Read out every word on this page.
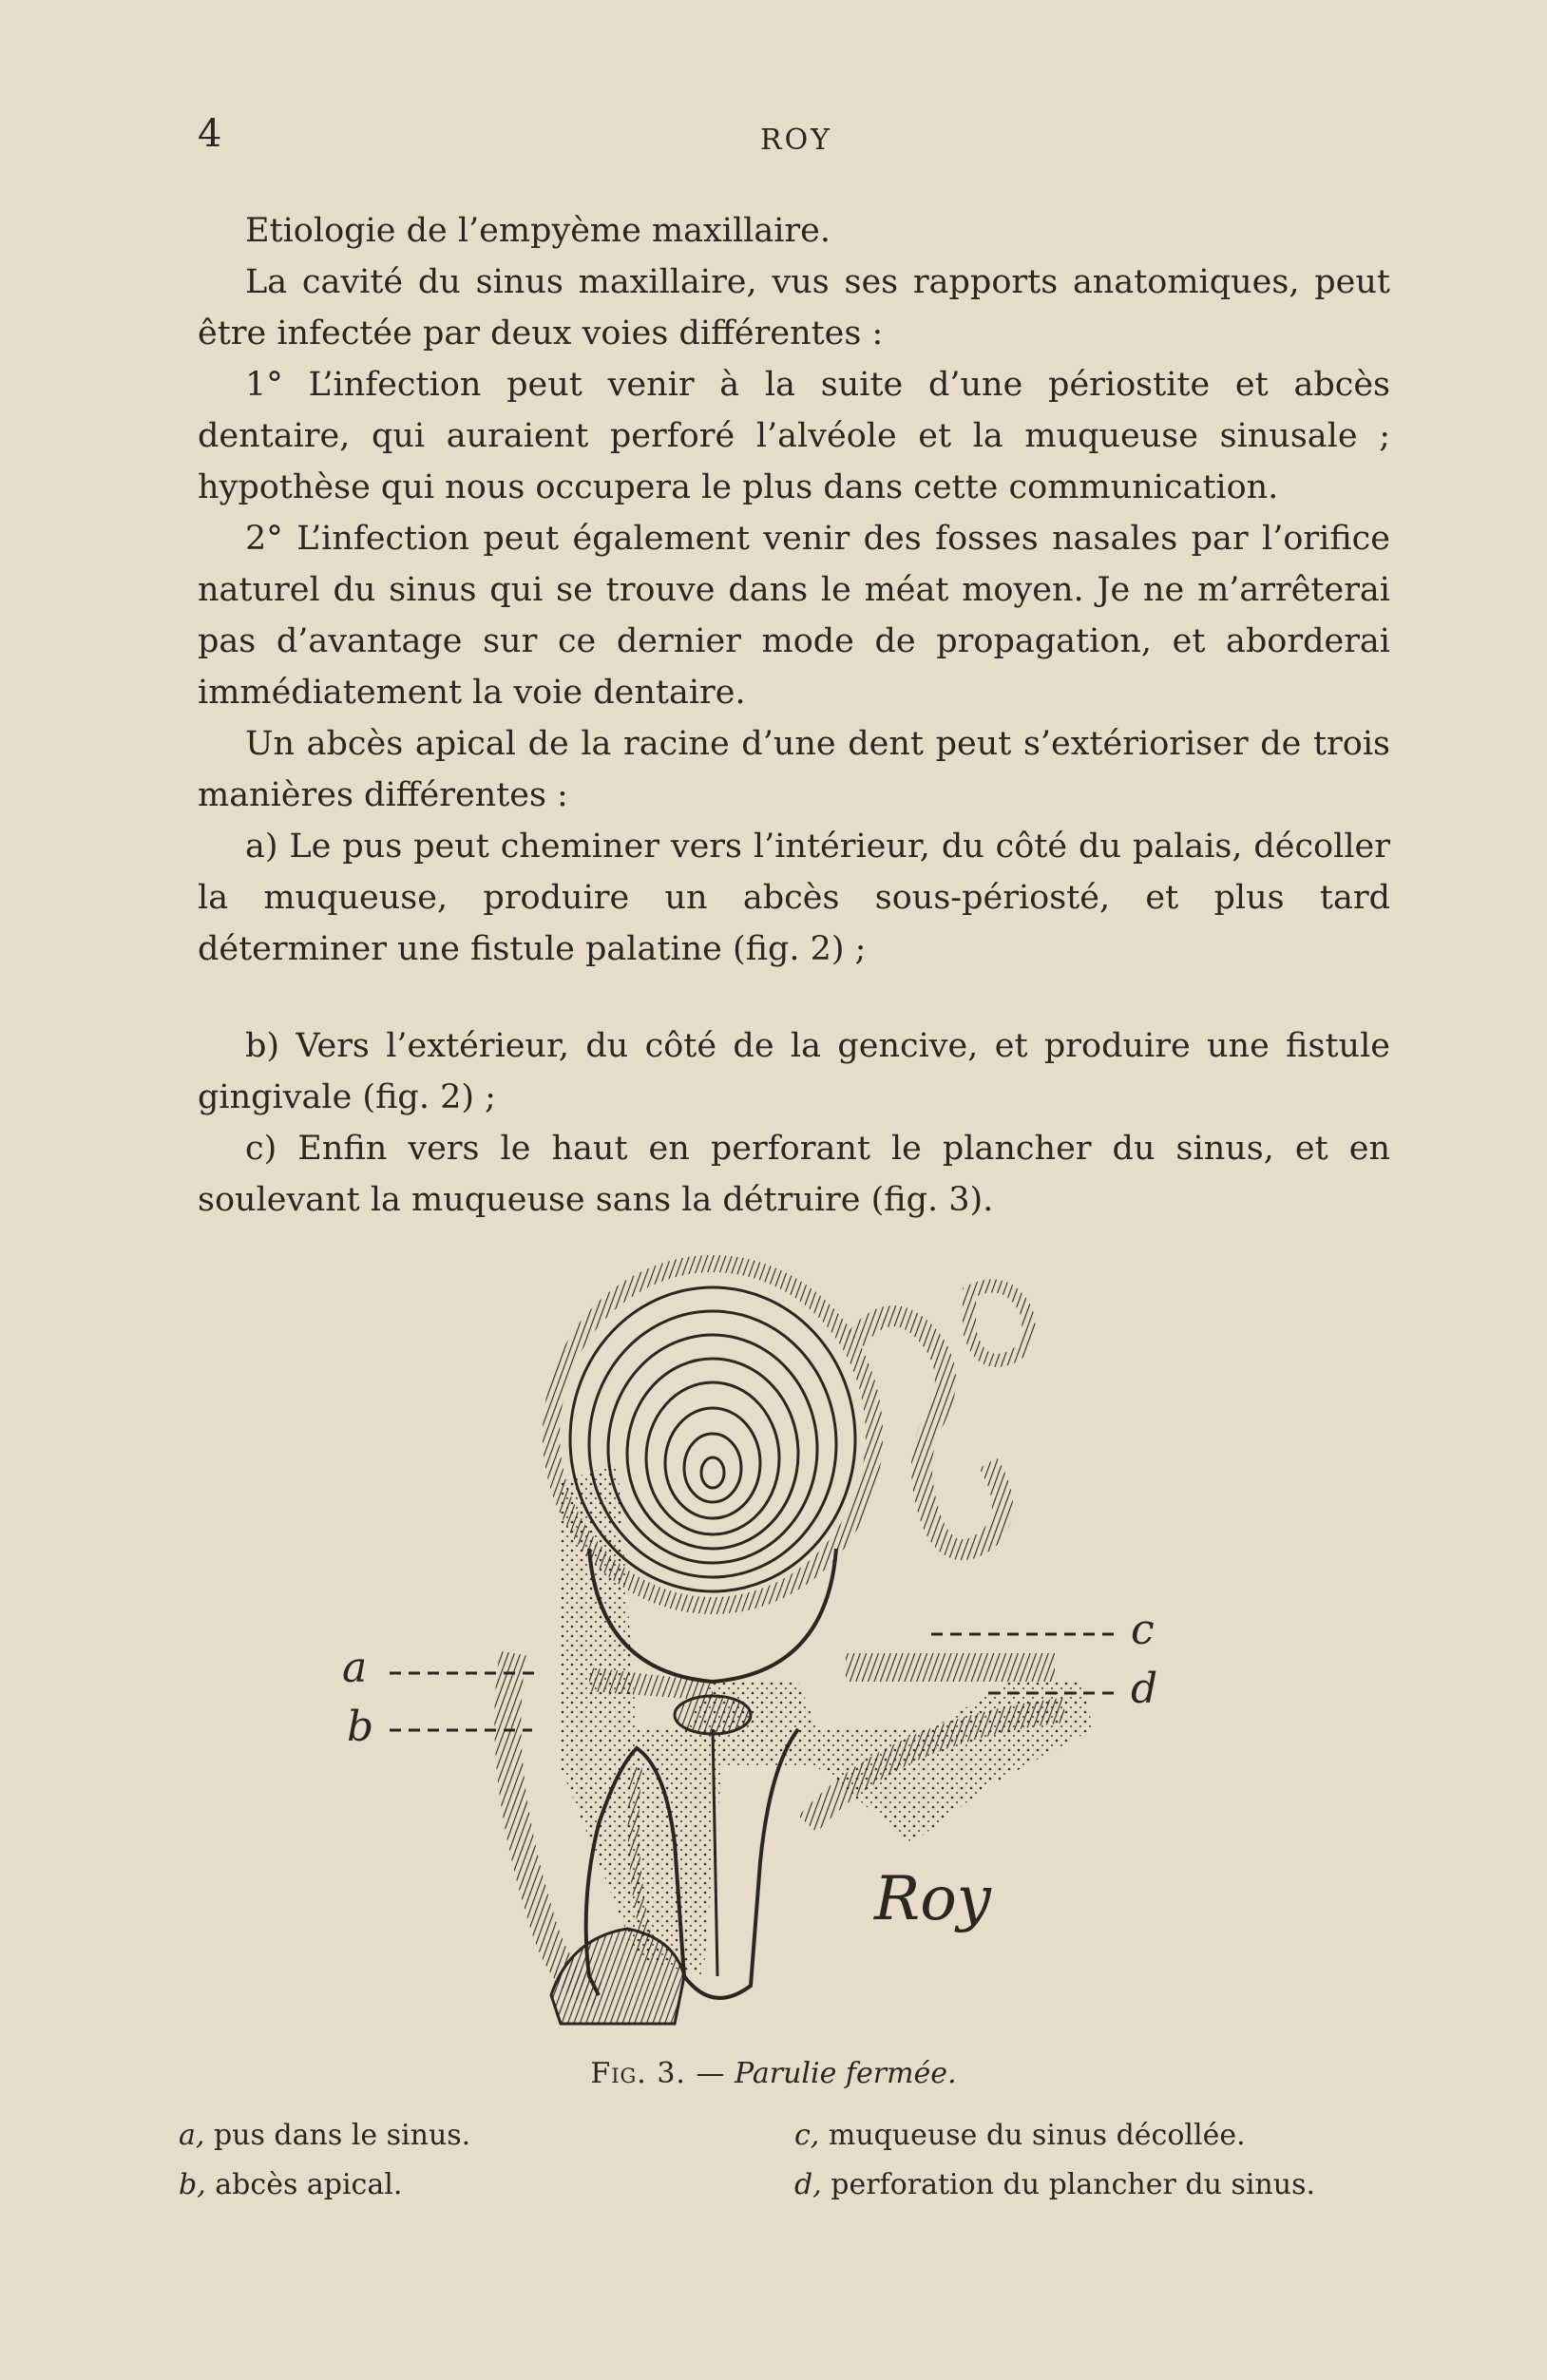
4	ROY

Etiologie de l’empyème maxillaire.

La cavité du sinus maxillaire, vus ses rapports anatomiques, peut être infectée par deux voies différentes :

1° L’infection peut venir à la suite d’une périostite et abcès dentaire, qui auraient perforé l’alvéole et la muqueuse sinusale ; hypothèse qui nous occupera le plus dans cette communication.

2° L’infection peut également venir des fosses nasales par l’orifice naturel du sinus qui se trouve dans le méat moyen. Je ne m’arrêterai pas d’avantage sur ce dernier mode de propagation, et aborderai immédiatement la voie dentaire.

Un abcès apical de la racine d’une dent peut s’extérioriser de trois manières différentes :

a) Le pus peut cheminer vers l’intérieur, du côté du palais, décoller la muqueuse, produire un abcès sous-périosté, et plus tard déterminer une fistule palatine (fig. 2) ;

b) Vers l’extérieur, du côté de la gencive, et produire une fistule gingivale (fig. 2) ;

c) Enfin vers le haut en perforant le plancher du sinus, et en soulevant la muqueuse sans la détruire (fig. 3).

a
b
c
d
Roy
Fig. 3. — Parulie fermée.
a, pus dans le sinus.
b, abcès apical.
c, muqueuse du sinus décollée.
d, perforation du plancher du sinus.
